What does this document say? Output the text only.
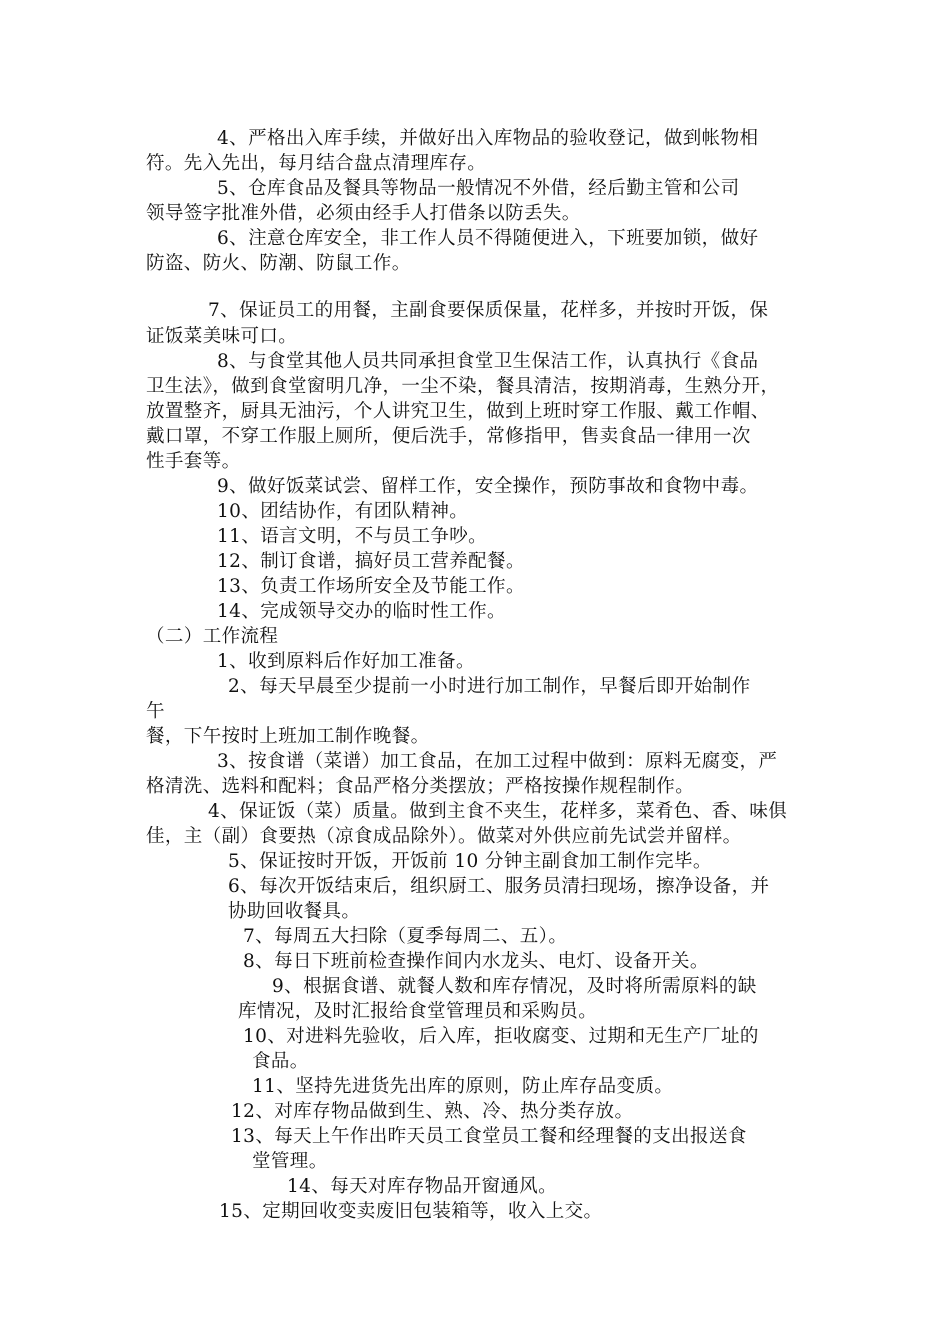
4、严格出入库手续，并做好出入库物品的验收登记，做到帐物相
符。先入先出，每月结合盘点清理库存。
5、仓库食品及餐具等物品一般情况不外借，经后勤主管和公司
领导签字批准外借，必须由经手人打借条以防丢失。
6、注意仓库安全，非工作人员不得随便进入，下班要加锁，做好
防盗、防火、防潮、防鼠工作。
7、保证员工的用餐，主副食要保质保量，花样多，并按时开饭，保
证饭菜美味可口。
8、与食堂其他人员共同承担食堂卫生保洁工作，认真执行《食品
卫生法》，做到食堂窗明几净，一尘不染，餐具清洁，按期消毒，生熟分开，
放置整齐，厨具无油污，个人讲究卫生，做到上班时穿工作服、戴工作帽、
戴口罩，不穿工作服上厕所，便后洗手，常修指甲，售卖食品一律用一次
性手套等。
9、做好饭菜试尝、留样工作，安全操作，预防事故和食物中毒。
10、团结协作，有团队精神。
11、语言文明，不与员工争吵。
12、制订食谱，搞好员工营养配餐。
13、负责工作场所安全及节能工作。
14、完成领导交办的临时性工作。
（二）工作流程
1、收到原料后作好加工准备。
2、每天早晨至少提前一小时进行加工制作，早餐后即开始制作
午
餐，下午按时上班加工制作晚餐。
3、按食谱（菜谱）加工食品，在加工过程中做到：原料无腐变，严
格清洗、选料和配料；食品严格分类摆放；严格按操作规程制作。
4、保证饭（菜）质量。做到主食不夹生，花样多，菜肴色、香、味俱
佳，主（副）食要热（凉食成品除外）。做菜对外供应前先试尝并留样。
5、保证按时开饭，开饭前 10 分钟主副食加工制作完毕。
6、每次开饭结束后，组织厨工、服务员清扫现场，擦净设备，并
协助回收餐具。
7、每周五大扫除（夏季每周二、五）。
8、每日下班前检查操作间内水龙头、电灯、设备开关。
9、根据食谱、就餐人数和库存情况，及时将所需原料的缺
库情况，及时汇报给食堂管理员和采购员。
10、对进料先验收，后入库，拒收腐变、过期和无生产厂址的
食品。
11、坚持先进货先出库的原则，防止库存品变质。
12、对库存物品做到生、熟、冷、热分类存放。
13、每天上午作出昨天员工食堂员工餐和经理餐的支出报送食
堂管理。
14、每天对库存物品开窗通风。
15、定期回收变卖废旧包装箱等，收入上交。
